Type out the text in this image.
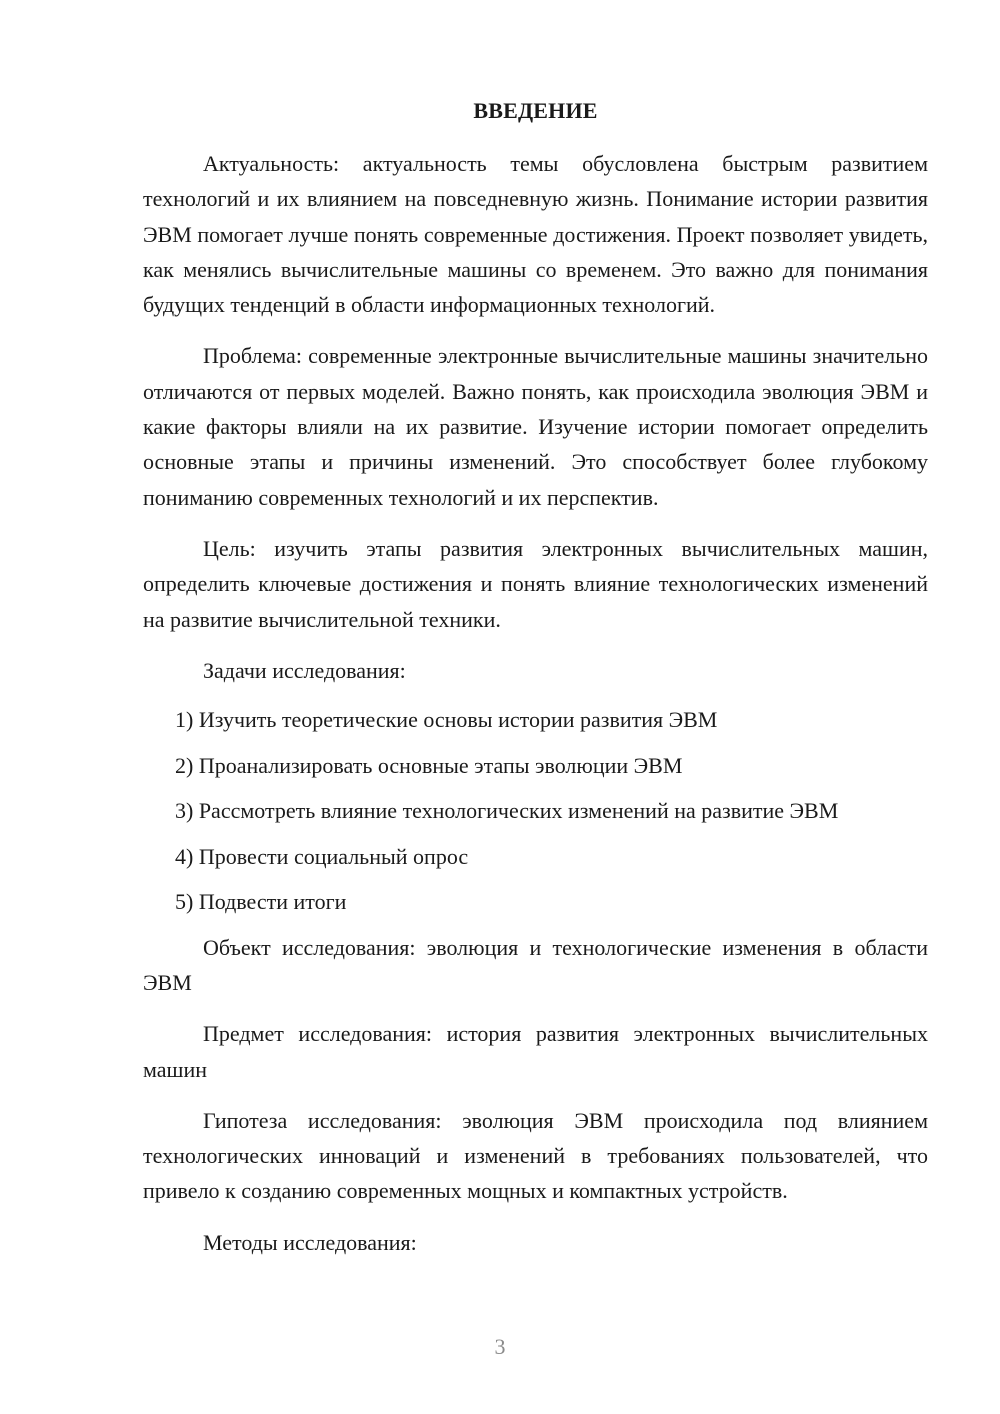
ВВЕДЕНИЕ

Актуальность: актуальность темы обусловлена быстрым развитием технологий и их влиянием на повседневную жизнь. Понимание истории развития ЭВМ помогает лучше понять современные достижения. Проект позволяет увидеть, как менялись вычислительные машины со временем. Это важно для понимания будущих тенденций в области информационных технологий.

Проблема: современные электронные вычислительные машины значительно отличаются от первых моделей. Важно понять, как происходила эволюция ЭВМ и какие факторы влияли на их развитие. Изучение истории помогает определить основные этапы и причины изменений. Это способствует более глубокому пониманию современных технологий и их перспектив.

Цель: изучить этапы развития электронных вычислительных машин, определить ключевые достижения и понять влияние технологических изменений на развитие вычислительной техники.

Задачи исследования:

1) Изучить теоретические основы истории развития ЭВМ
2) Проанализировать основные этапы эволюции ЭВМ
3) Рассмотреть влияние технологических изменений на развитие ЭВМ
4) Провести социальный опрос
5) Подвести итоги

Объект исследования: эволюция и технологические изменения в области ЭВМ

Предмет исследования: история развития электронных вычислительных машин

Гипотеза исследования: эволюция ЭВМ происходила под влиянием технологических инноваций и изменений в требованиях пользователей, что привело к созданию современных мощных и компактных устройств.

Методы исследования:

3
